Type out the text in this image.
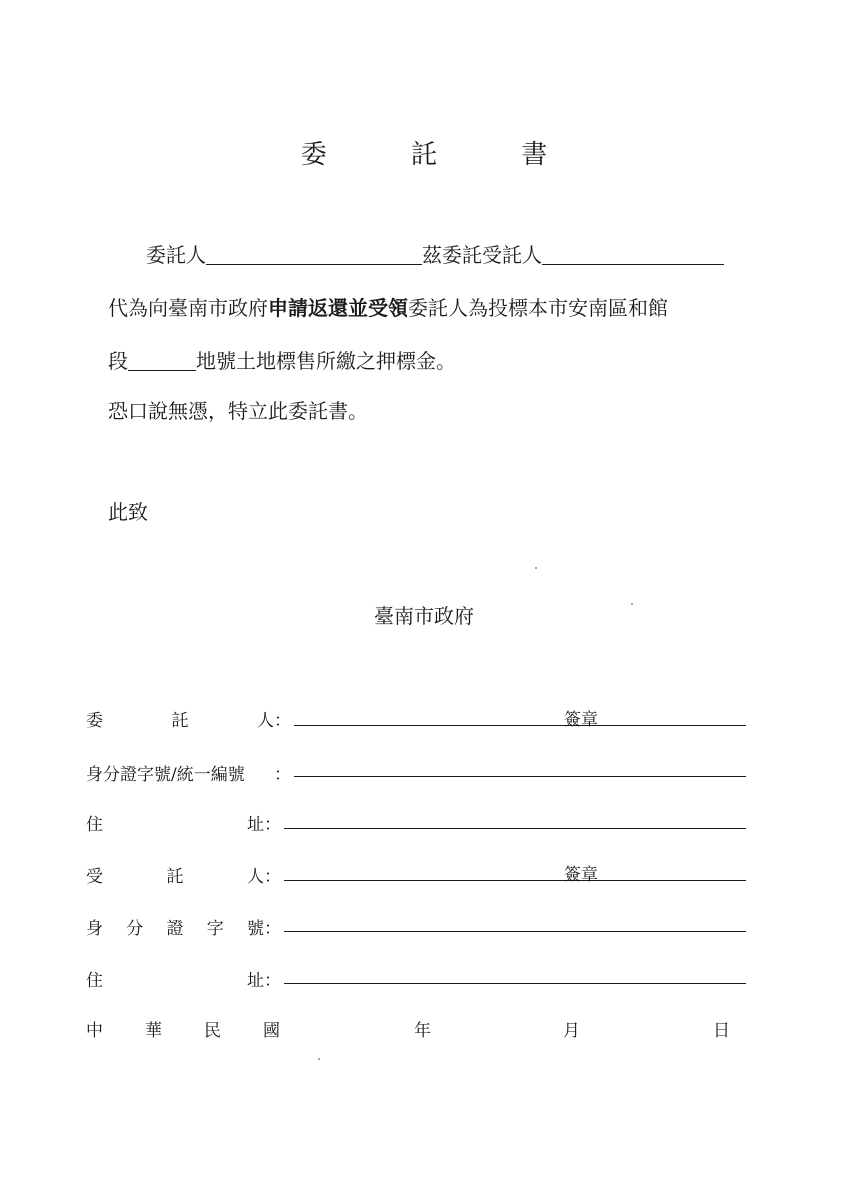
委 託 書
委託人	茲委託受託人
代為向臺南市政府申請返還並受領委託人為投標本市安南區和館
段	地號土地標售所繳之押標金。
恐口說無憑，特立此委託書。
此致
臺南市政府
委	託	人 ：	簽章
身分證字號/統一編號 ：
住	址 ：
受	託	人 ：	簽章
身 分 證 字 號 ：
住	址 ：
中 華 民 國	年	月	日
